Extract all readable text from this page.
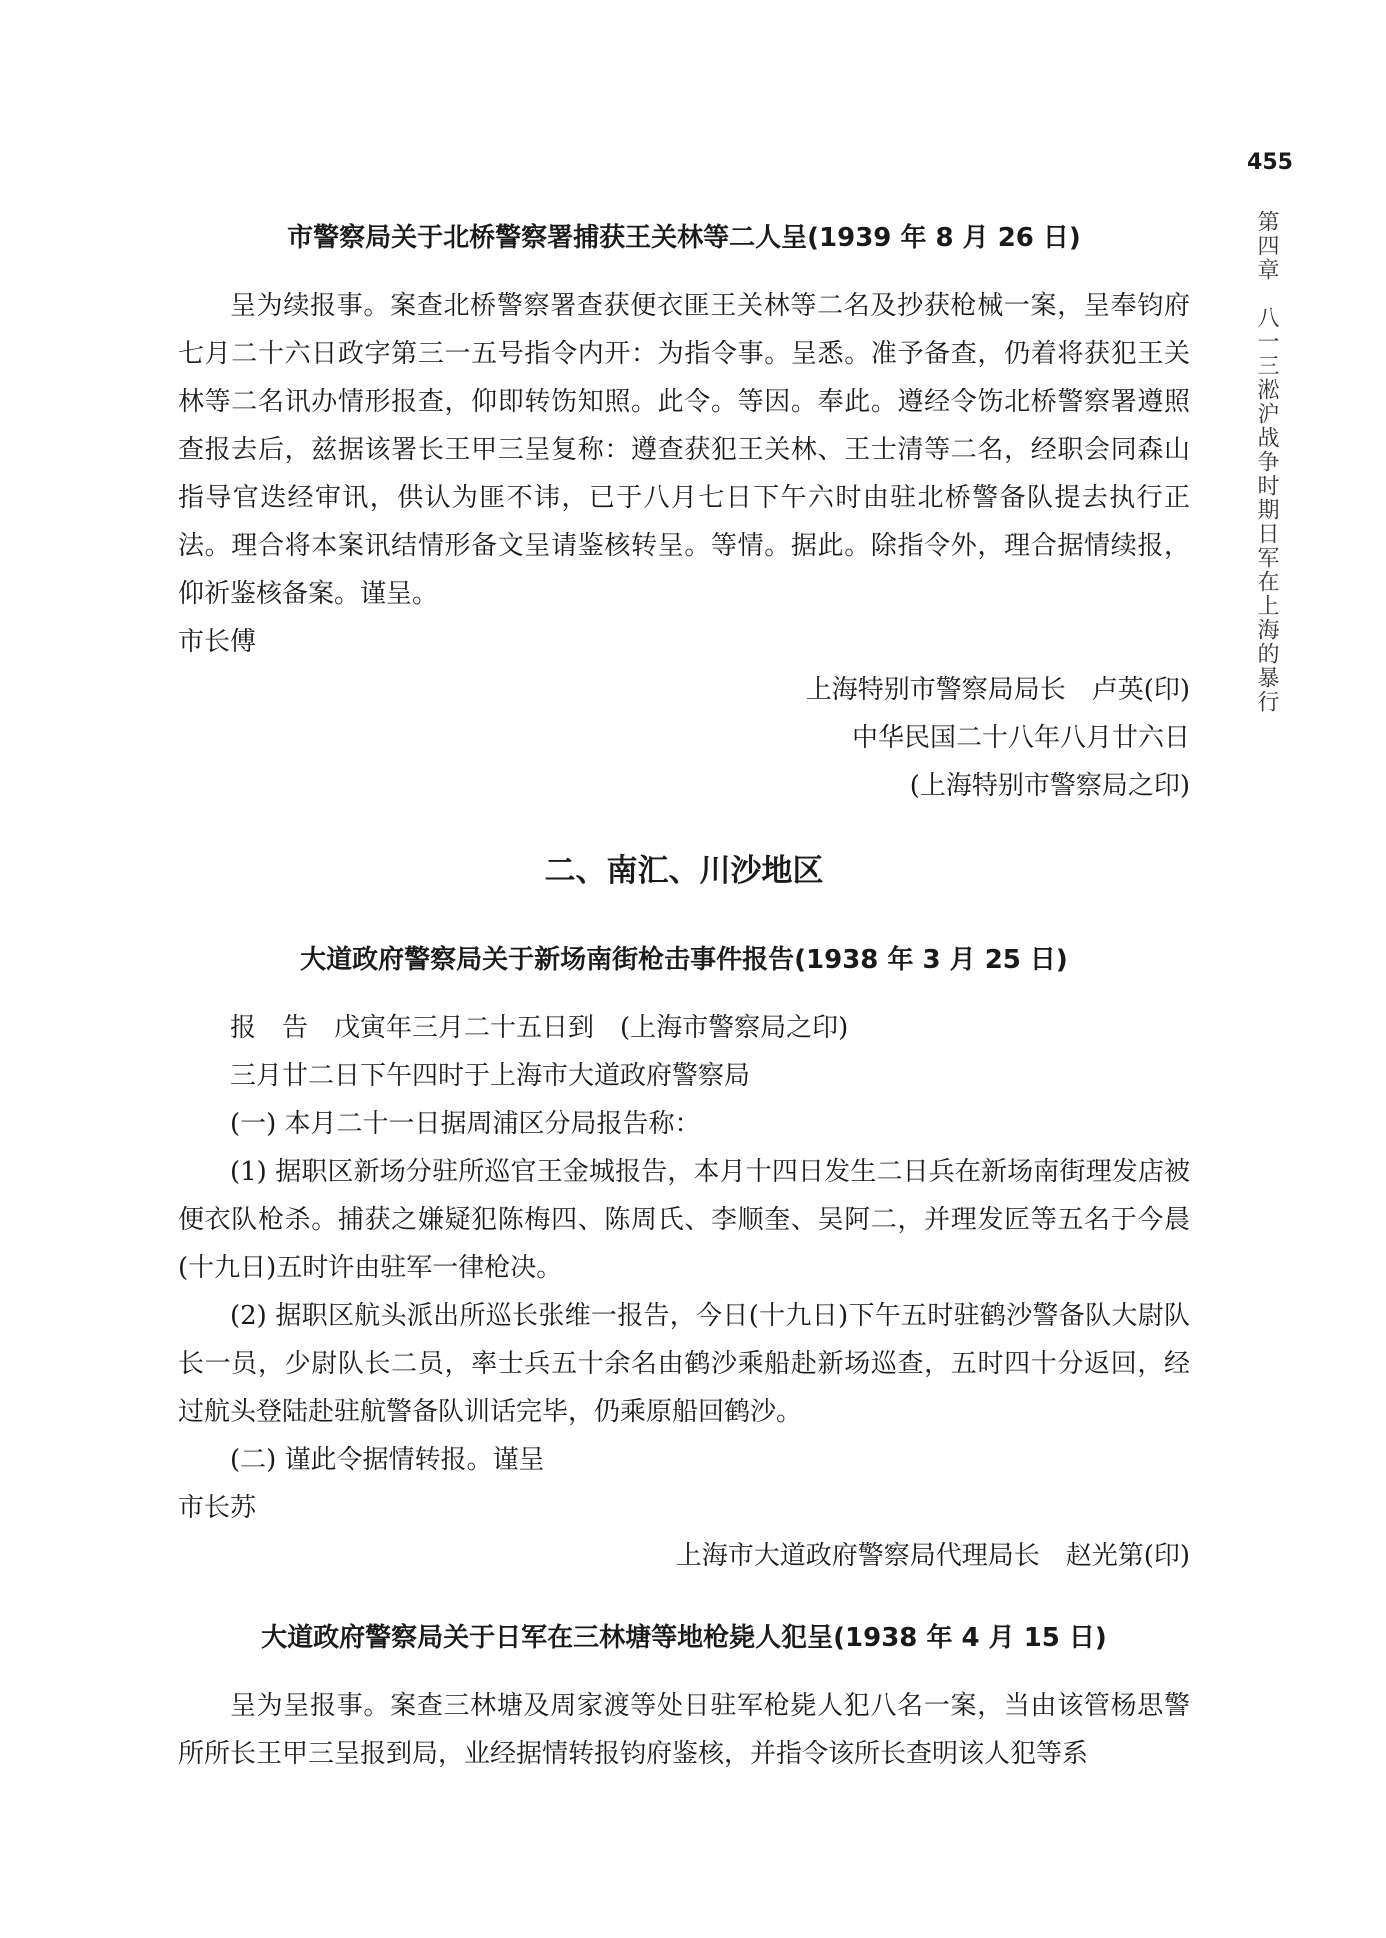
455
第四章　八一三淞沪战争时期日军在上海的暴行
市警察局关于北桥警察署捕获王关林等二人呈(1939 年 8 月 26 日)

呈为续报事。案查北桥警察署查获便衣匪王关林等二名及抄获枪械一案，呈奉钧府七月二十六日政字第三一五号指令内开：为指令事。呈悉。准予备查，仍着将获犯王关林等二名讯办情形报查，仰即转饬知照。此令。等因。奉此。遵经令饬北桥警察署遵照查报去后，兹据该署长王甲三呈复称：遵查获犯王关林、王士清等二名，经职会同森山指导官迭经审讯，供认为匪不讳，已于八月七日下午六时由驻北桥警备队提去执行正法。理合将本案讯结情形备文呈请鉴核转呈。等情。据此。除指令外，理合据情续报，仰祈鉴核备案。谨呈。

市长傅

上海特别市警察局局长　卢英(印)

中华民国二十八年八月廿六日

(上海特别市警察局之印)

二、南汇、川沙地区
大道政府警察局关于新场南街枪击事件报告(1938 年 3 月 25 日)

报　告　戊寅年三月二十五日到　(上海市警察局之印)

三月廿二日下午四时于上海市大道政府警察局

(一) 本月二十一日据周浦区分局报告称：

(1) 据职区新场分驻所巡官王金城报告，本月十四日发生二日兵在新场南街理发店被便衣队枪杀。捕获之嫌疑犯陈梅四、陈周氏、李顺奎、吴阿二，并理发匠等五名于今晨(十九日)五时许由驻军一律枪决。

(2) 据职区航头派出所巡长张维一报告，今日(十九日)下午五时驻鹤沙警备队大尉队长一员，少尉队长二员，率士兵五十余名由鹤沙乘船赴新场巡查，五时四十分返回，经过航头登陆赴驻航警备队训话完毕，仍乘原船回鹤沙。

(二) 谨此令据情转报。谨呈

市长苏

上海市大道政府警察局代理局长　赵光第(印)

大道政府警察局关于日军在三林塘等地枪毙人犯呈(1938 年 4 月 15 日)

呈为呈报事。案查三林塘及周家渡等处日驻军枪毙人犯八名一案，当由该管杨思警所所长王甲三呈报到局，业经据情转报钧府鉴核，并指令该所长查明该人犯等系
